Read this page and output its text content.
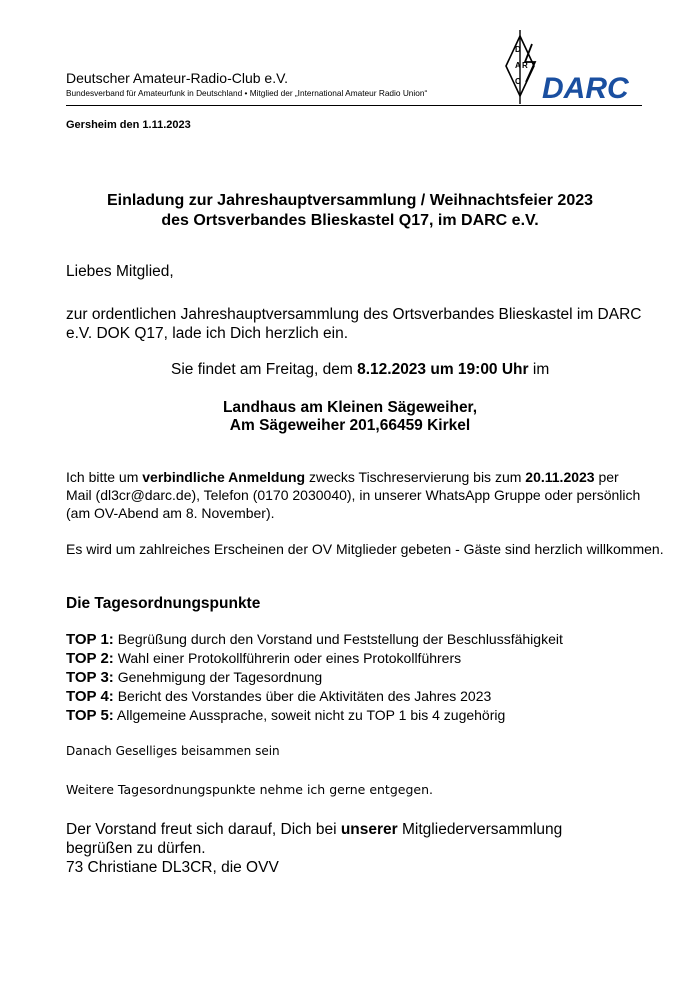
Deutscher Amateur-Radio-Club e.V.
Bundesverband für Amateurfunk in Deutschland • Mitglied der „International Amateur Radio Union“
D
A R
C DARC
Gersheim den 1.11.2023
Einladung zur Jahreshauptversammlung / Weihnachtsfeier 2023
des Ortsverbandes Blieskastel Q17, im DARC e.V.
Liebes Mitglied,
zur ordentlichen Jahreshauptversammlung des Ortsverbandes Blieskastel im DARC e.V. DOK Q17, lade ich Dich herzlich ein.
Sie findet am Freitag, dem 8.12.2023 um 19:00 Uhr im
Landhaus am Kleinen Sägeweiher,
Am Sägeweiher 201,66459 Kirkel
Ich bitte um verbindliche Anmeldung zwecks Tischreservierung bis zum 20.11.2023 per Mail (dl3cr@darc.de), Telefon (0170 2030040), in unserer WhatsApp Gruppe oder persönlich (am OV-Abend am 8. November).
Es wird um zahlreiches Erscheinen der OV Mitglieder gebeten - Gäste sind herzlich willkommen.
Die Tagesordnungspunkte
TOP 1: Begrüßung durch den Vorstand und Feststellung der Beschlussfähigkeit
TOP 2: Wahl einer Protokollführerin oder eines Protokollführers
TOP 3: Genehmigung der Tagesordnung
TOP 4: Bericht des Vorstandes über die Aktivitäten des Jahres 2023
TOP 5: Allgemeine Aussprache, soweit nicht zu TOP 1 bis 4 zugehörig
Danach Geselliges beisammen sein
Weitere Tagesordnungspunkte nehme ich gerne entgegen.
Der Vorstand freut sich darauf, Dich bei unserer Mitgliederversammlung begrüßen zu dürfen.
73 Christiane DL3CR, die OVV
